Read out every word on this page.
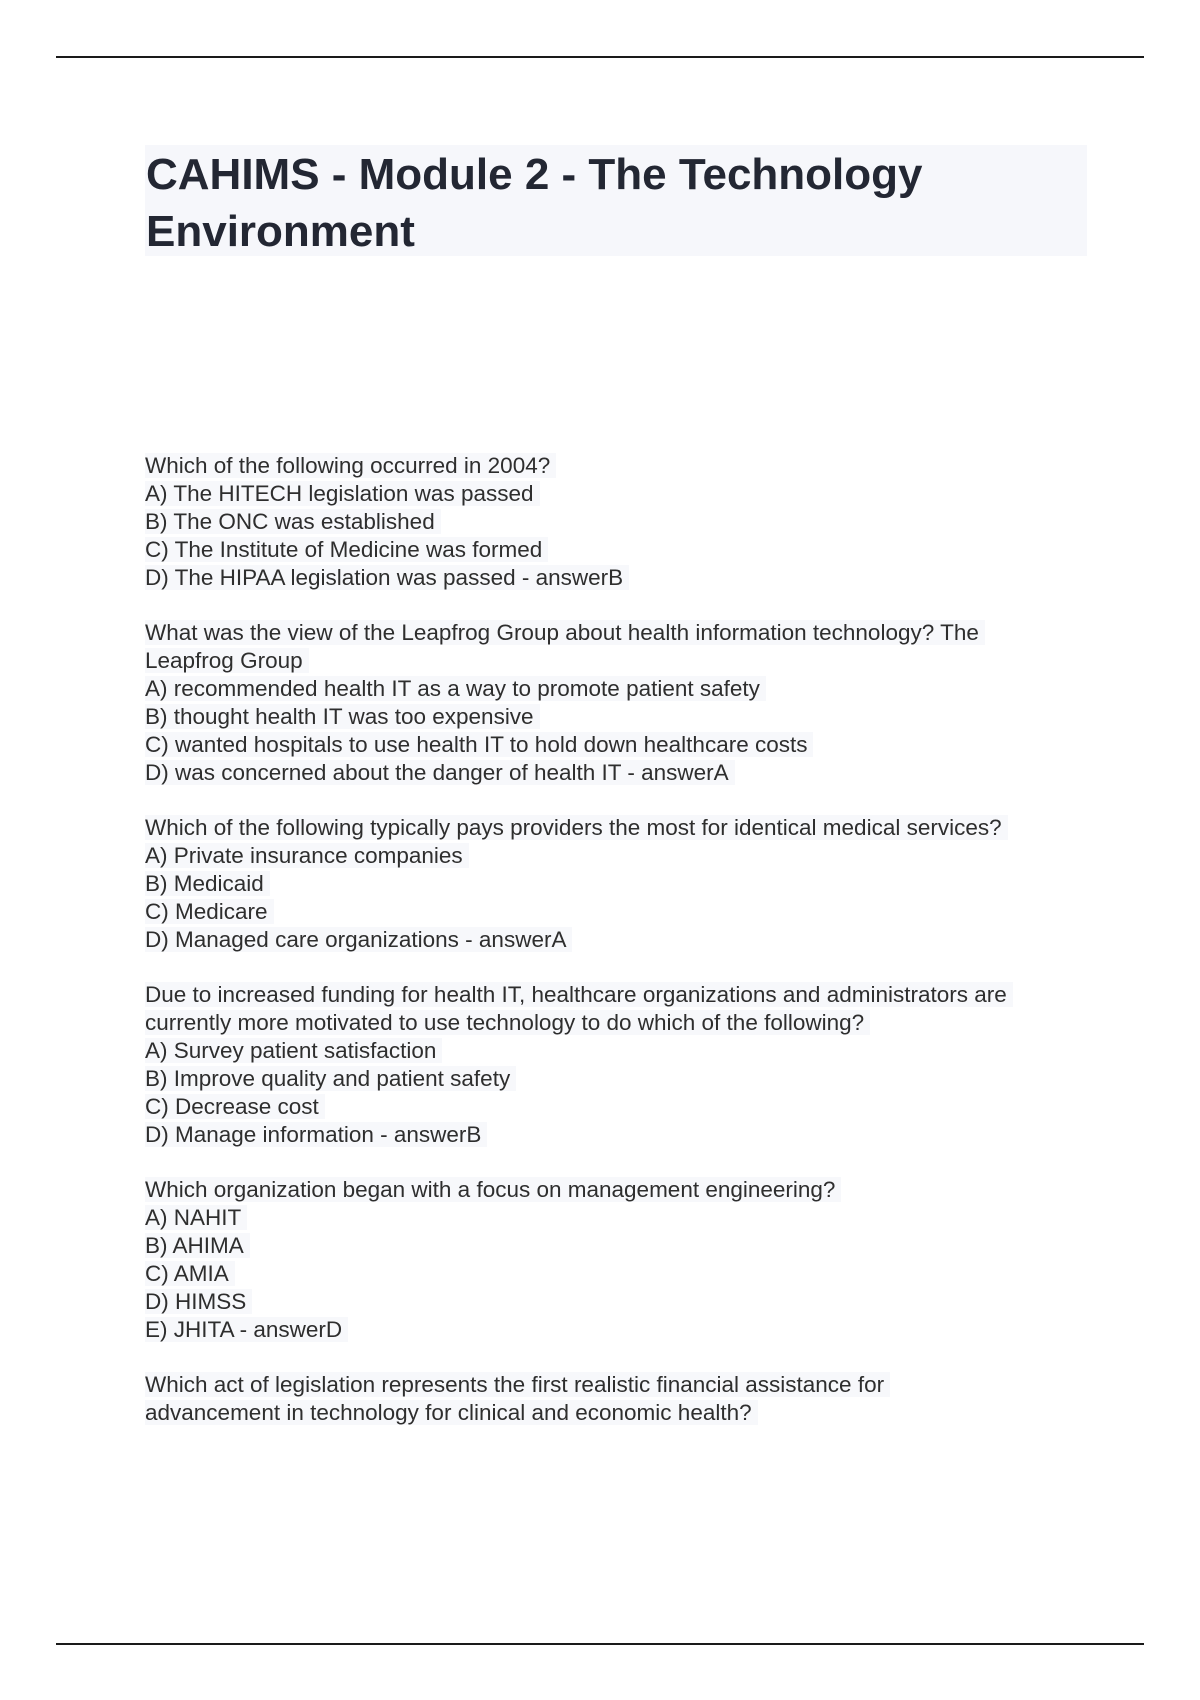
CAHIMS - Module 2 - The Technology Environment
Which of the following occurred in 2004?
A) The HITECH legislation was passed
B) The ONC was established
C) The Institute of Medicine was formed
D) The HIPAA legislation was passed - answerB
What was the view of the Leapfrog Group about health information technology? The
Leapfrog Group
A) recommended health IT as a way to promote patient safety
B) thought health IT was too expensive
C) wanted hospitals to use health IT to hold down healthcare costs
D) was concerned about the danger of health IT - answerA
Which of the following typically pays providers the most for identical medical services?
A) Private insurance companies
B) Medicaid
C) Medicare
D) Managed care organizations - answerA
Due to increased funding for health IT, healthcare organizations and administrators are
currently more motivated to use technology to do which of the following?
A) Survey patient satisfaction
B) Improve quality and patient safety
C) Decrease cost
D) Manage information - answerB
Which organization began with a focus on management engineering?
A) NAHIT
B) AHIMA
C) AMIA
D) HIMSS
E) JHITA - answerD
Which act of legislation represents the first realistic financial assistance for
advancement in technology for clinical and economic health?
